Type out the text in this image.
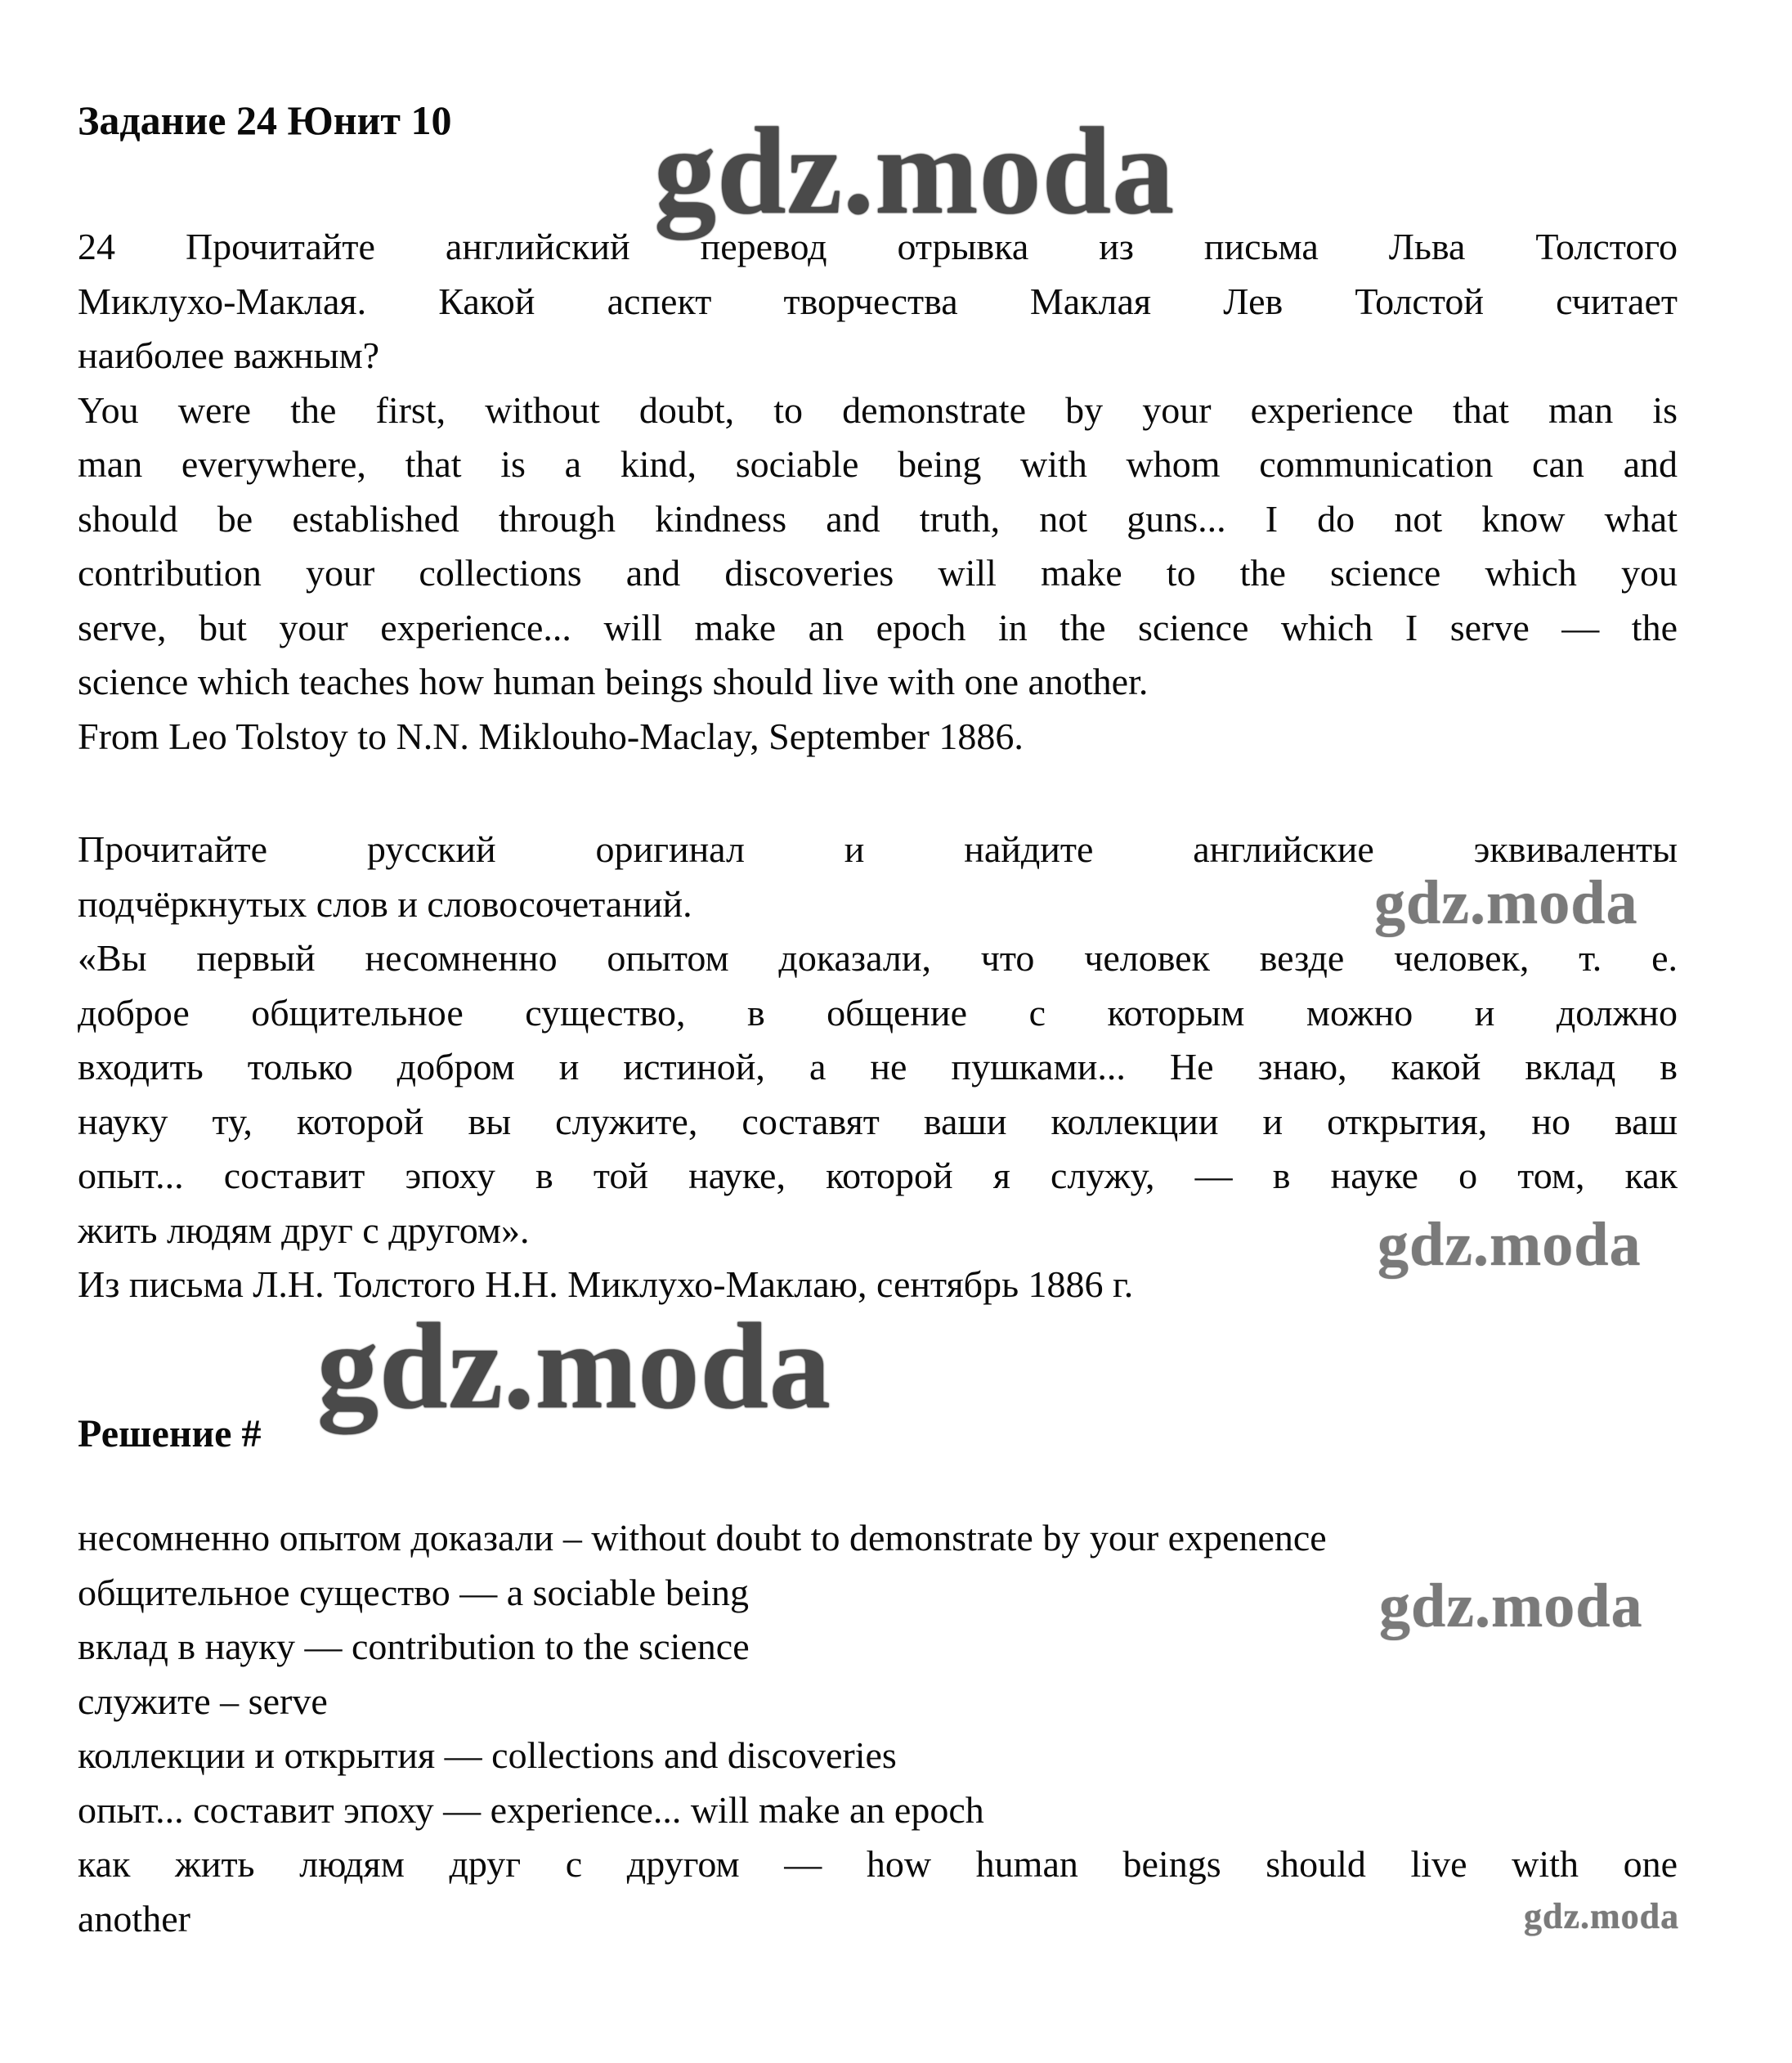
gdz.moda
gdz.moda
gdz.moda
gdz.moda
gdz.moda
gdz.moda
Задание 24 Юнит 10
24 Прочитайте английский перевод отрывка из письма Льва Толстого
Миклухо-Маклая. Какой аспект творчества Маклая Лев Толстой считает
наиболее важным?
You were the first, without doubt, to demonstrate by your experience that man is
man everywhere, that is a kind, sociable being with whom communication can and
should be established through kindness and truth, not guns... I do not know what
contribution your collections and discoveries will make to the science which you
serve, but your experience... will make an epoch in the science which I serve — the
science which teaches how human beings should live with one another.
From Leo Tolstoy to N.N. Miklouho-Maclay, September 1886.
Прочитайте русский оригинал и найдите английские эквиваленты
подчёркнутых слов и словосочетаний.
«Вы первый несомненно опытом доказали, что человек везде человек, т. е.
доброе общительное существо, в общение с которым можно и должно
входить только добром и истиной, а не пушками... Не знаю, какой вклад в
науку ту, которой вы служите, составят ваши коллекции и открытия, но ваш
опыт... составит эпоху в той науке, которой я служу, — в науке о том, как
жить людям друг с другом».
Из письма Л.Н. Толстого Н.Н. Миклухо-Маклаю, сентябрь 1886 г.
Решение #
несомненно опытом доказали – without doubt to demonstrate by your expenence
общительное существо — a sociable being
вклад в науку — contribution to the science
служите – serve
коллекции и открытия — collections and discoveries
опыт... составит эпоху — experience... will make an epoch
как жить людям друг с другом — how human beings should live with one
another
